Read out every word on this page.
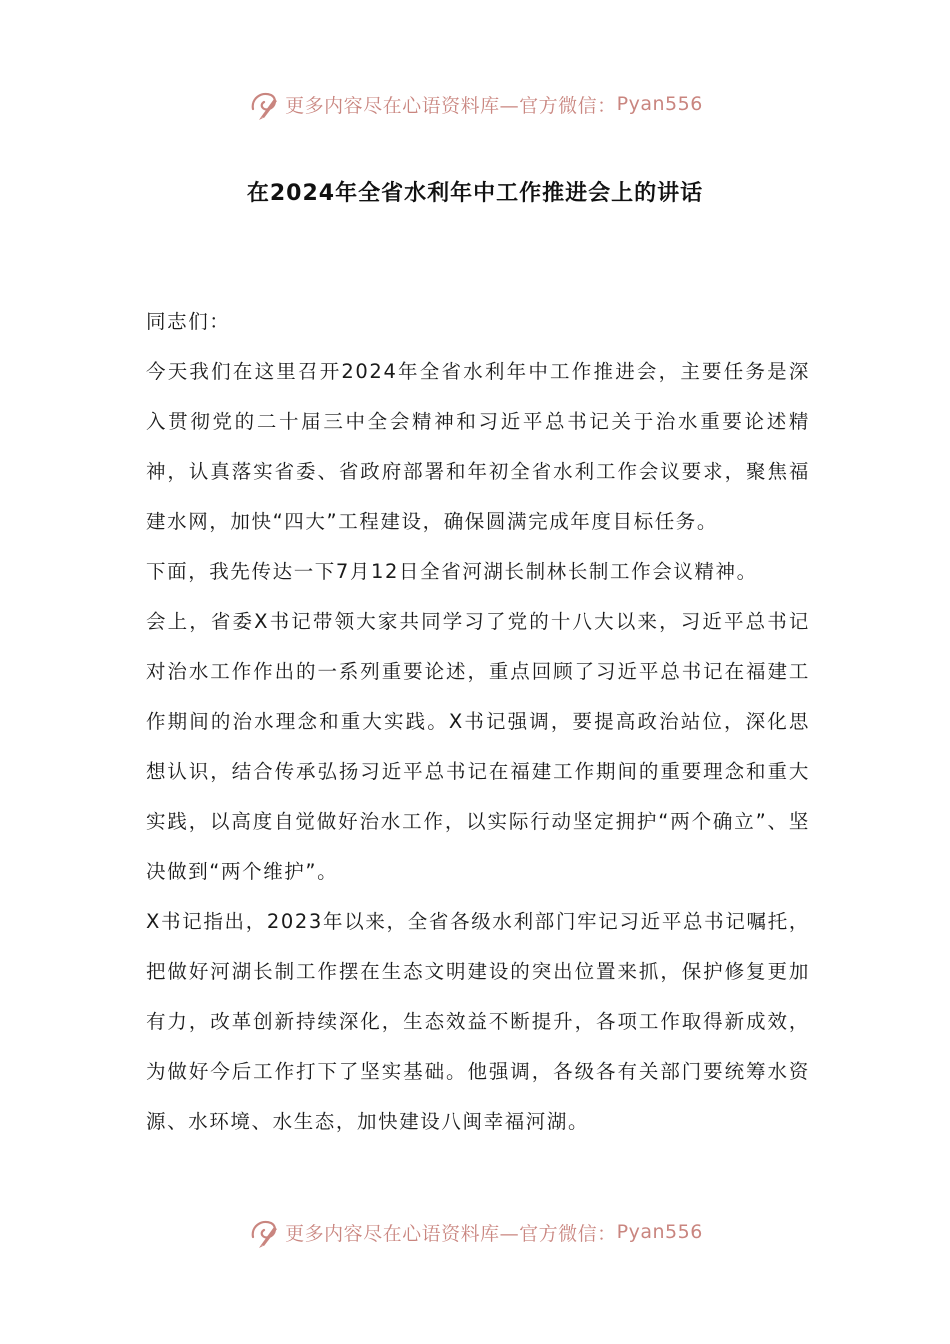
更多内容尽在心语资料库—官方微信： Pyan556
在2024年全省水利年中工作推进会上的讲话

同志们：

今天我们在这里召开2024年全省水利年中工作推进会，主要任务是深入贯彻党的二十届三中全会精神和习近平总书记关于治水重要论述精神，认真落实省委、省政府部署和年初全省水利工作会议要求，聚焦福建水网，加快“四大”工程建设，确保圆满完成年度目标任务。

下面，我先传达一下7月12日全省河湖长制林长制工作会议精神。

会上，省委X书记带领大家共同学习了党的十八大以来，习近平总书记对治水工作作出的一系列重要论述，重点回顾了习近平总书记在福建工作期间的治水理念和重大实践。X书记强调，要提高政治站位，深化思想认识，结合传承弘扬习近平总书记在福建工作期间的重要理念和重大实践，以高度自觉做好治水工作，以实际行动坚定拥护“两个确立”、坚决做到“两个维护”。

X书记指出，2023年以来，全省各级水利部门牢记习近平总书记嘱托，把做好河湖长制工作摆在生态文明建设的突出位置来抓，保护修复更加有力，改革创新持续深化，生态效益不断提升，各项工作取得新成效，为做好今后工作打下了坚实基础。他强调，各级各有关部门要统筹水资源、水环境、水生态，加快建设八闽幸福河湖。

更多内容尽在心语资料库—官方微信： Pyan556
